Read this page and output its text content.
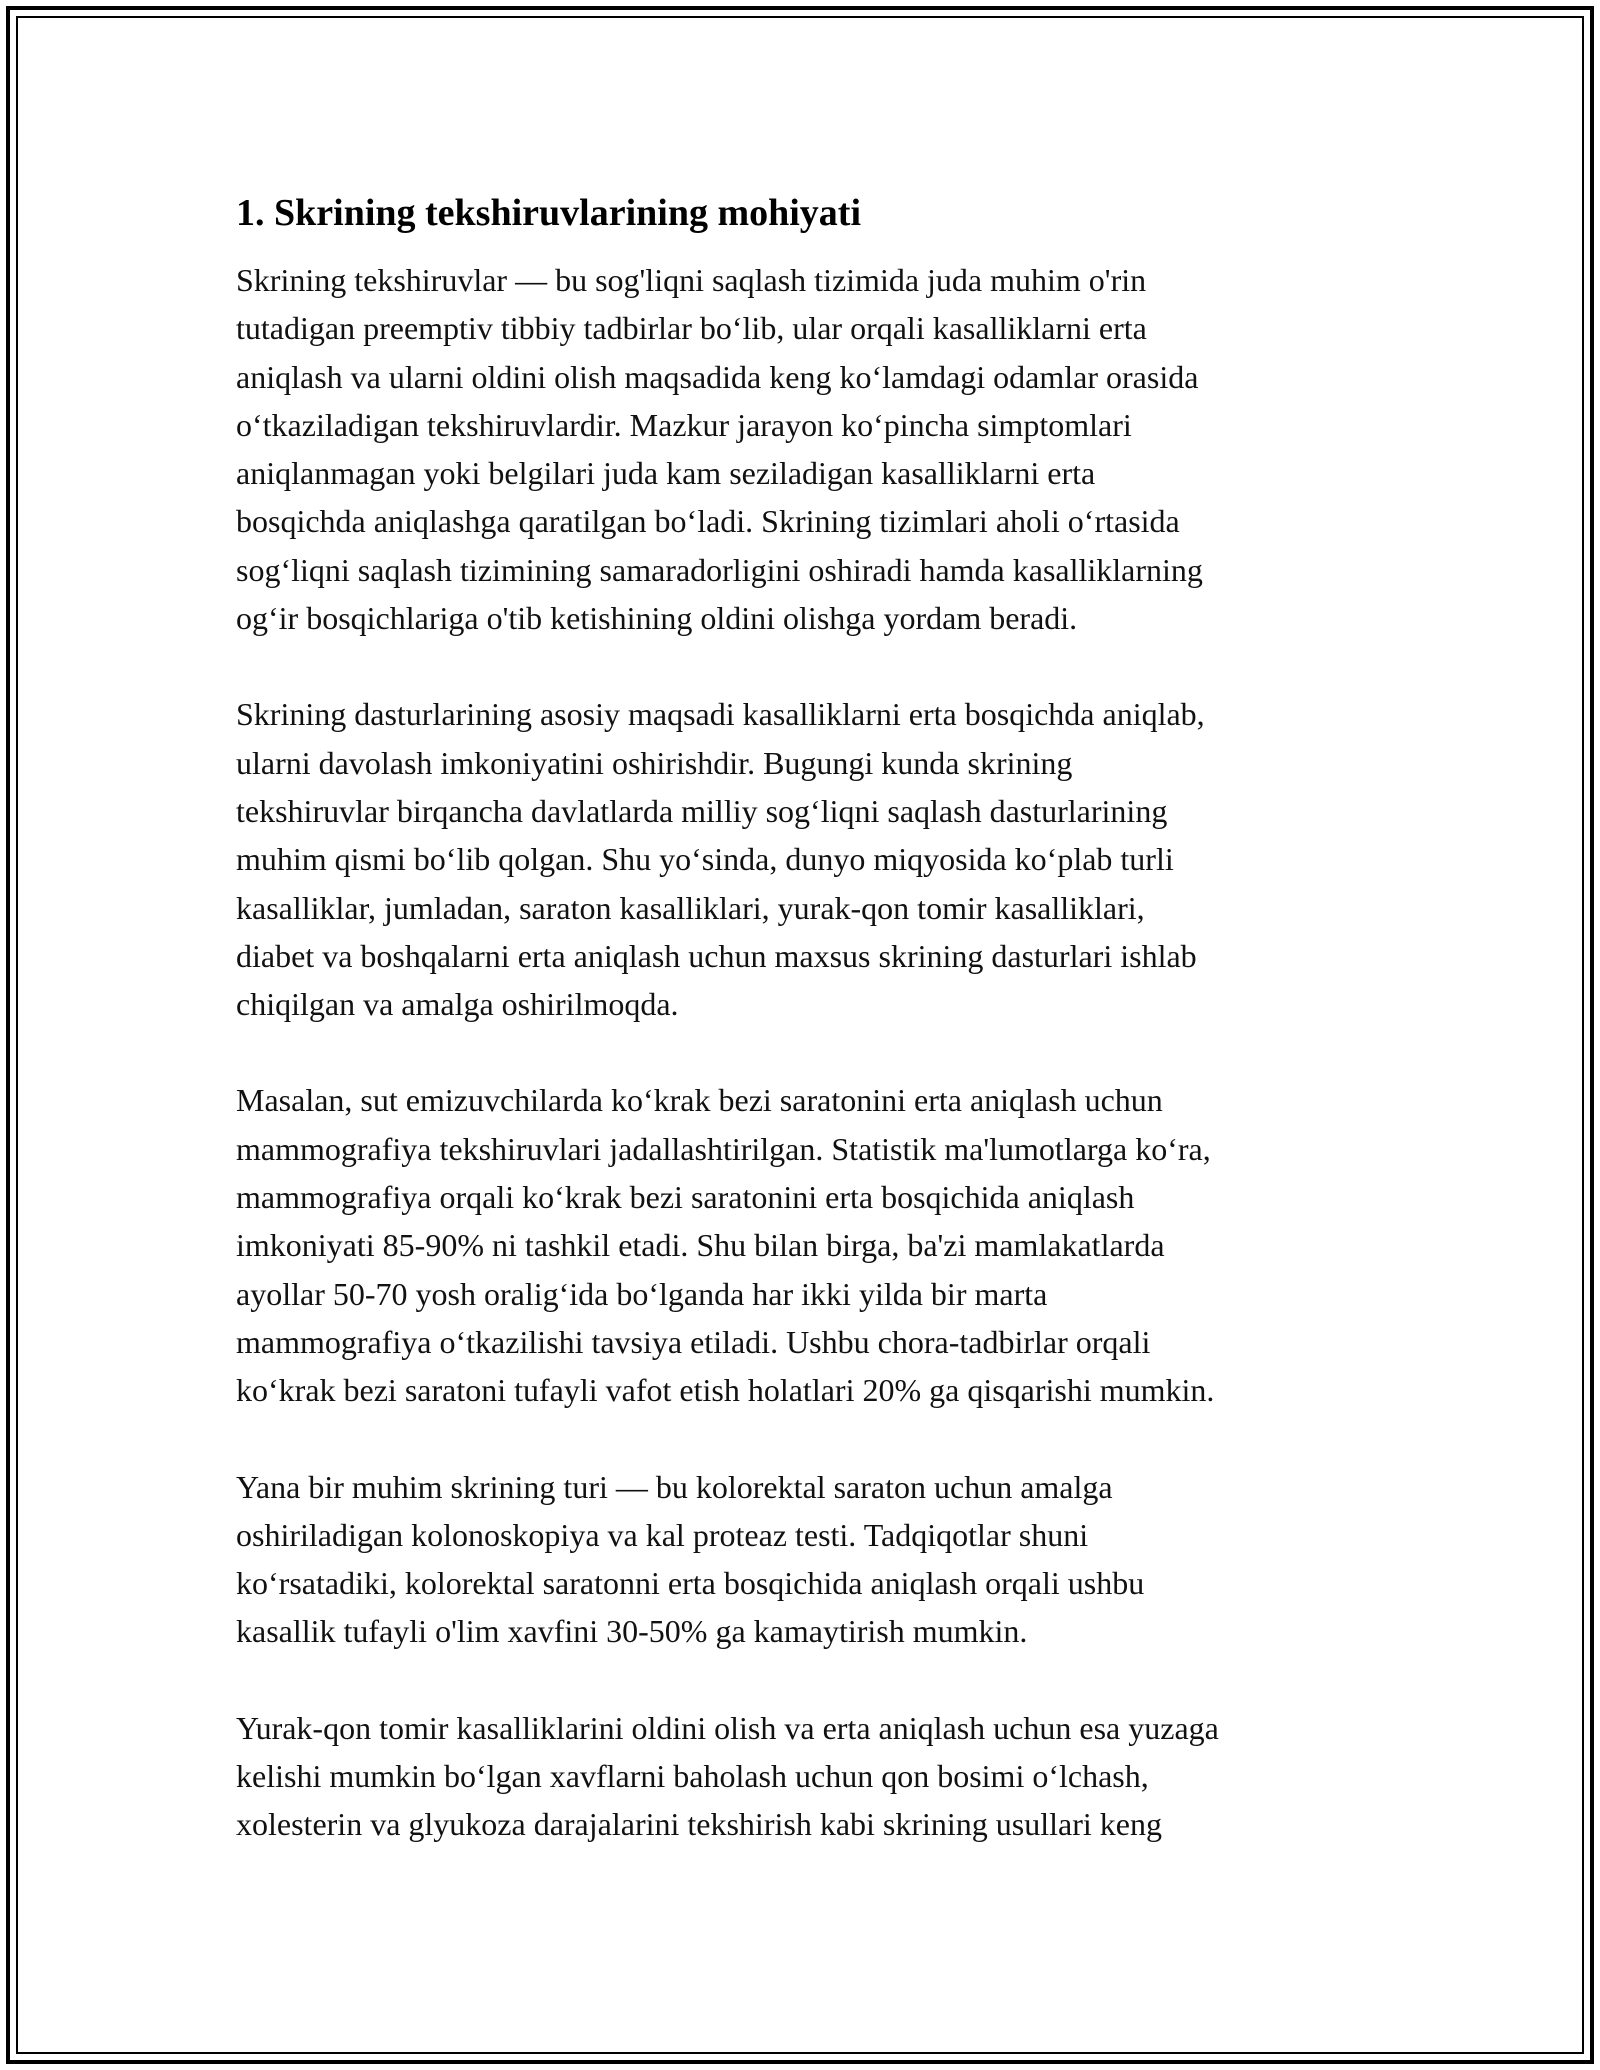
1. Skrining tekshiruvlarining mohiyati

Skrining tekshiruvlar — bu sog'liqni saqlash tizimida juda muhim o'rin
tutadigan preemptiv tibbiy tadbirlar bo‘lib, ular orqali kasalliklarni erta
aniqlash va ularni oldini olish maqsadida keng ko‘lamdagi odamlar orasida
o‘tkaziladigan tekshiruvlardir. Mazkur jarayon ko‘pincha simptomlari
aniqlanmagan yoki belgilari juda kam seziladigan kasalliklarni erta
bosqichda aniqlashga qaratilgan bo‘ladi. Skrining tizimlari aholi o‘rtasida
sog‘liqni saqlash tizimining samaradorligini oshiradi hamda kasalliklarning
og‘ir bosqichlariga o'tib ketishining oldini olishga yordam beradi.

Skrining dasturlarining asosiy maqsadi kasalliklarni erta bosqichda aniqlab,
ularni davolash imkoniyatini oshirishdir. Bugungi kunda skrining
tekshiruvlar birqancha davlatlarda milliy sog‘liqni saqlash dasturlarining
muhim qismi bo‘lib qolgan. Shu yo‘sinda, dunyo miqyosida ko‘plab turli
kasalliklar, jumladan, saraton kasalliklari, yurak-qon tomir kasalliklari,
diabet va boshqalarni erta aniqlash uchun maxsus skrining dasturlari ishlab
chiqilgan va amalga oshirilmoqda.

Masalan, sut emizuvchilarda ko‘krak bezi saratonini erta aniqlash uchun
mammografiya tekshiruvlari jadallashtirilgan. Statistik ma'lumotlarga ko‘ra,
mammografiya orqali ko‘krak bezi saratonini erta bosqichida aniqlash
imkoniyati 85-90% ni tashkil etadi. Shu bilan birga, ba'zi mamlakatlarda
ayollar 50-70 yosh oralig‘ida bo‘lganda har ikki yilda bir marta
mammografiya o‘tkazilishi tavsiya etiladi. Ushbu chora-tadbirlar orqali
ko‘krak bezi saratoni tufayli vafot etish holatlari 20% ga qisqarishi mumkin.

Yana bir muhim skrining turi — bu kolorektal saraton uchun amalga
oshiriladigan kolonoskopiya va kal proteaz testi. Tadqiqotlar shuni
ko‘rsatadiki, kolorektal saratonni erta bosqichida aniqlash orqali ushbu
kasallik tufayli o'lim xavfini 30-50% ga kamaytirish mumkin.

Yurak-qon tomir kasalliklarini oldini olish va erta aniqlash uchun esa yuzaga
kelishi mumkin bo‘lgan xavflarni baholash uchun qon bosimi o‘lchash,
xolesterin va glyukoza darajalarini tekshirish kabi skrining usullari keng
